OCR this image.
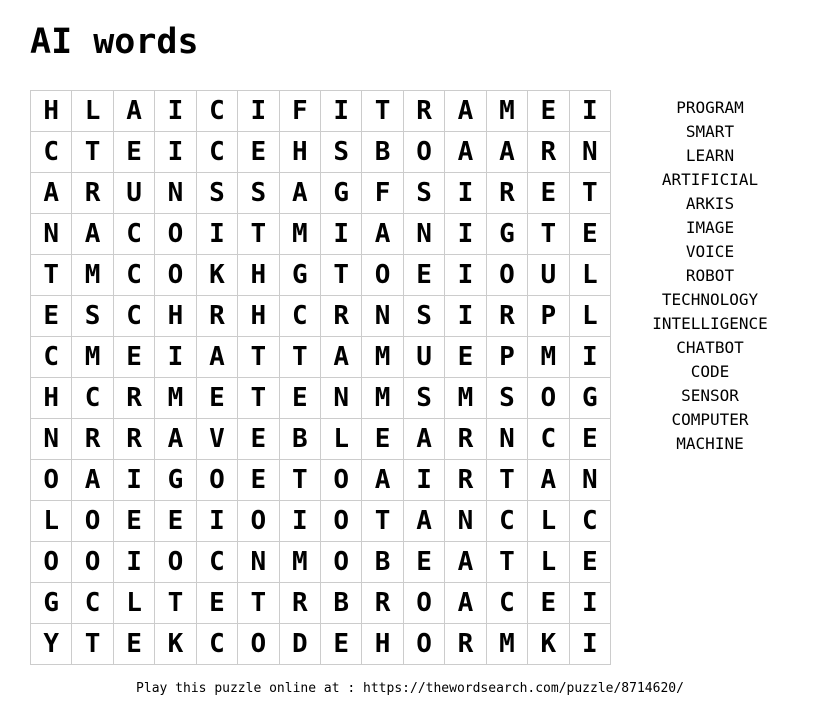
AI words
H L A I C I F I T R A M E I
C T E I C E H S B O A A R N
A R U N S S A G F S I R E T
N A C O I T M I A N I G T E
T M C O K H G T O E I O U L
E S C H R H C R N S I R P L
C M E I A T T A M U E P M I
H C R M E T E N M S M S O G
N R R A V E B L E A R N C E
O A I G O E T O A I R T A N
L O E E I O I O T A N C L C
O O I O C N M O B E A T L E
G C L T E T R B R O A C E I
Y T E K C O D E H O R M K I
PROGRAM
SMART
LEARN
ARTIFICIAL
ARKIS
IMAGE
VOICE
ROBOT
TECHNOLOGY
INTELLIGENCE
CHATBOT
CODE
SENSOR
COMPUTER
MACHINE
Play this puzzle online at : https://thewordsearch.com/puzzle/8714620/
